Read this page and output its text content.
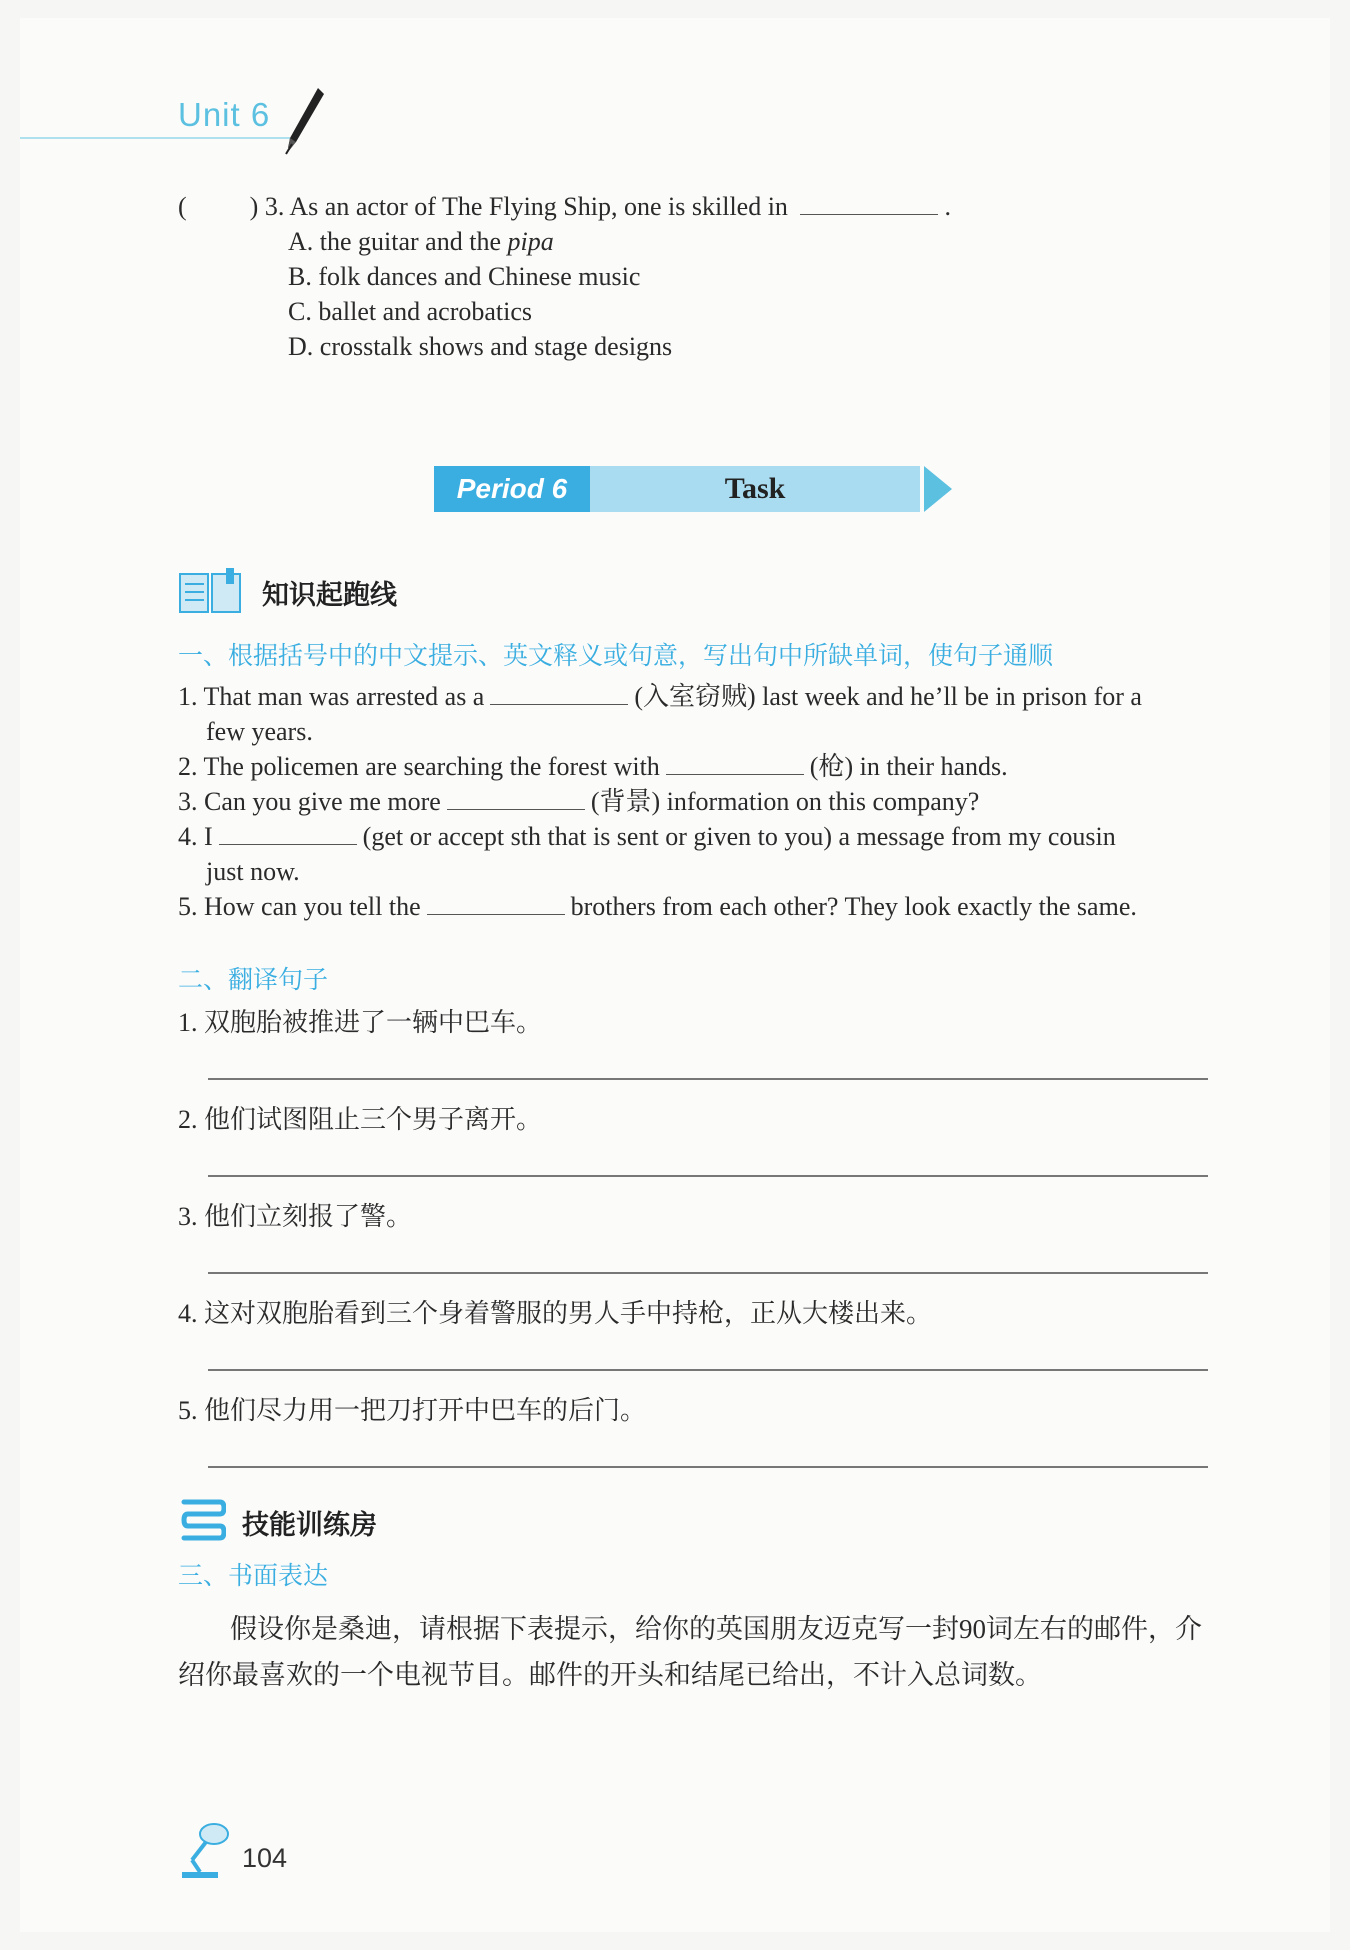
Unit 6
( ) 3. As an actor of The Flying Ship, one is skilled in	.
A. the guitar and the pipa
B. folk dances and Chinese music
C. ballet and acrobatics
D. crosstalk shows and stage designs
Period 6	Task
知识起跑线
一、根据括号中的中文提示、英文释义或句意，写出句中所缺单词，使句子通顺
1. That man was arrested as a	(入室窃贼) last week and he’ll be in prison for a
few years.
2. The policemen are searching the forest with	(枪) in their hands.
3. Can you give me more	(背景) information on this company?
4. I	(get or accept sth that is sent or given to you) a message from my cousin
just now.
5. How can you tell the	brothers from each other? They look exactly the same.
二、翻译句子
1. 双胞胎被推进了一辆中巴车。
2. 他们试图阻止三个男子离开。
3. 他们立刻报了警。
4. 这对双胞胎看到三个身着警服的男人手中持枪，正从大楼出来。
5. 他们尽力用一把刀打开中巴车的后门。
技能训练房
三、书面表达
假设你是桑迪，请根据下表提示，给你的英国朋友迈克写一封90词左右的邮件，介
绍你最喜欢的一个电视节目。邮件的开头和结尾已给出，不计入总词数。
104
